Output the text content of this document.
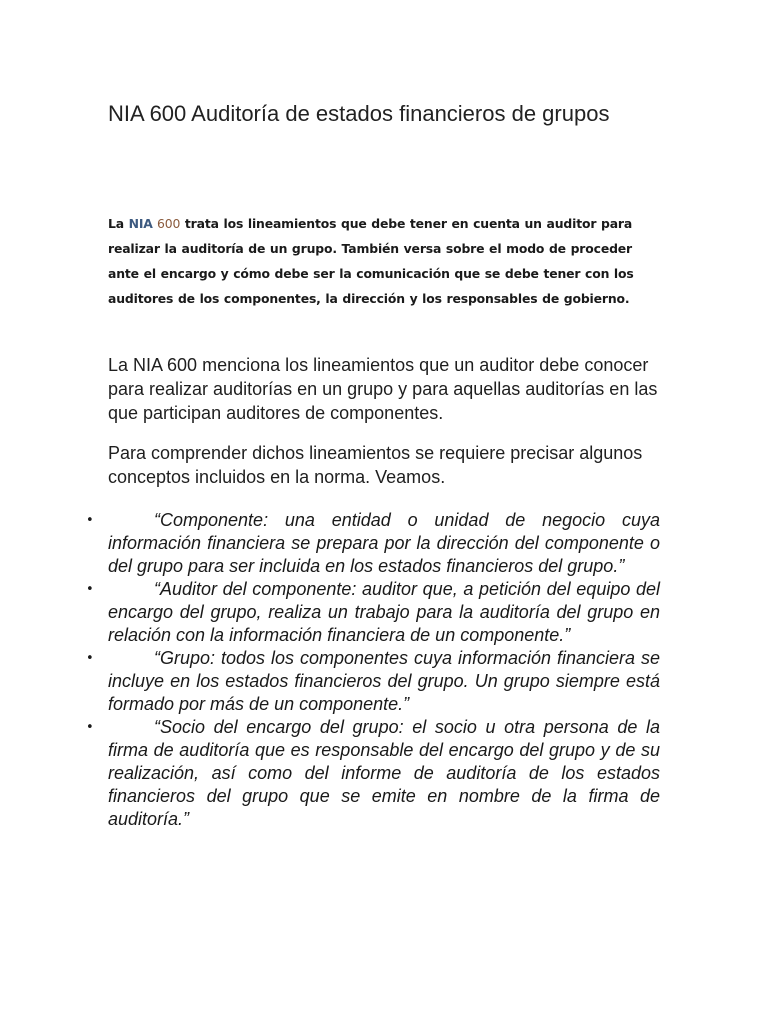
NIA 600 Auditoría de estados financieros de grupos

La NIA 600 trata los lineamientos que debe tener en cuenta un auditor para realizar la auditoría de un grupo. También versa sobre el modo de proceder ante el encargo y cómo debe ser la comunicación que se debe tener con los auditores de los componentes, la dirección y los responsables de gobierno.

La NIA 600 menciona los lineamientos que un auditor debe conocer para realizar auditorías en un grupo y para aquellas auditorías en las que participan auditores de componentes.

Para comprender dichos lineamientos se requiere precisar algunos conceptos incluidos en la norma. Veamos.

•	“Componente: una entidad o unidad de negocio cuya información financiera se prepara por la dirección del componente o del grupo para ser incluida en los estados financieros del grupo.”
•	“Auditor del componente: auditor que, a petición del equipo del encargo del grupo, realiza un trabajo para la auditoría del grupo en relación con la información financiera de un componente.”
•	“Grupo: todos los componentes cuya información financiera se incluye en los estados financieros del grupo. Un grupo siempre está formado por más de un componente.”
•	“Socio del encargo del grupo: el socio u otra persona de la firma de auditoría que es responsable del encargo del grupo y de su realización, así como del informe de auditoría de los estados financieros del grupo que se emite en nombre de la firma de auditoría.”
